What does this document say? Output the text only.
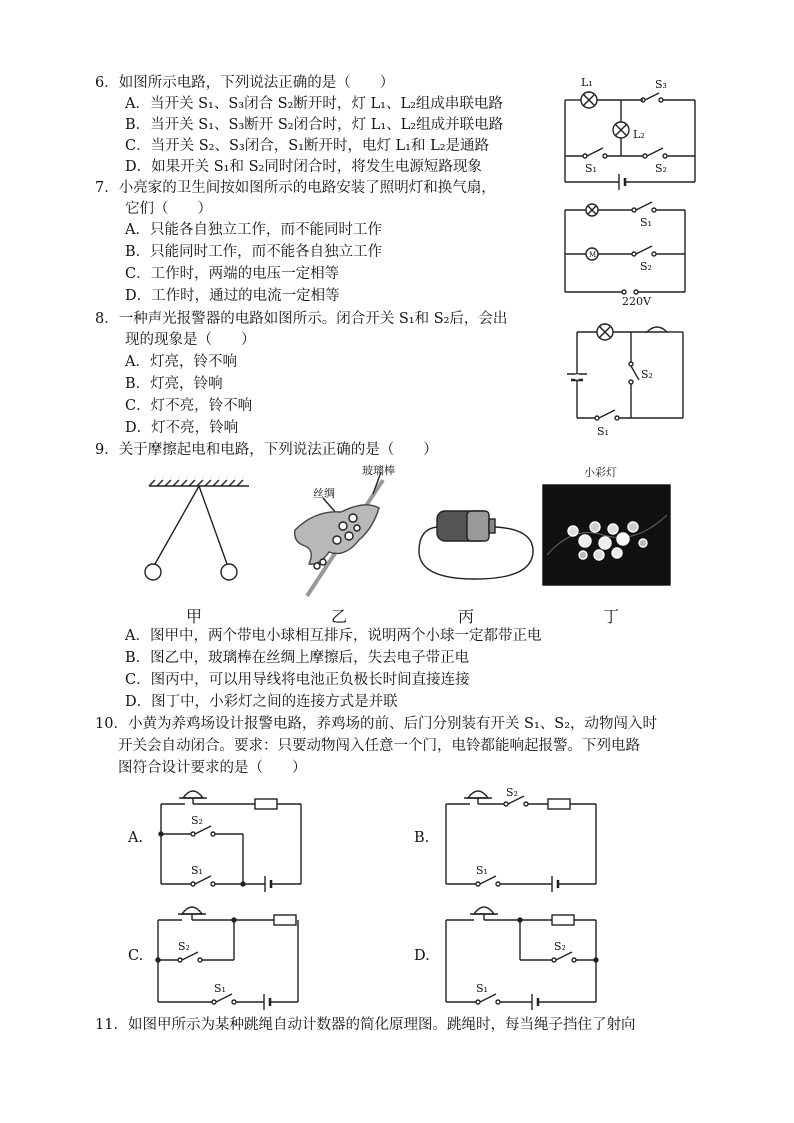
6．如图所示电路，下列说法正确的是（　　）
A．当开关 S₁、S₃闭合 S₂断开时，灯 L₁、L₂组成串联电路
B．当开关 S₁、S₃断开 S₂闭合时，灯 L₁、L₂组成并联电路
C．当开关 S₂、S₃闭合，S₁断开时，电灯 L₁和 L₂是通路
D．如果开关 S₁和 S₂同时闭合时，将发生电源短路现象
L₁	S₃
L₂
S₁	S₂
7．小亮家的卫生间按如图所示的电路安装了照明灯和换气扇，
它们（　　）
A．只能各自独立工作，而不能同时工作
B．只能同时工作，而不能各自独立工作
C．工作时，两端的电压一定相等
D．工作时，通过的电流一定相等
M
S₁
S₂
220V
8．一种声光报警器的电路如图所示。闭合开关 S₁和 S₂后，会出
现的现象是（　　）
A．灯亮，铃不响
B．灯亮，铃响
C．灯不亮，铃不响
D．灯不亮，铃响
S₂
S₁
9．关于摩擦起电和电路，下列说法正确的是（　　）
玻璃棒
丝绸
小彩灯
甲	乙	丙	丁
A．图甲中，两个带电小球相互排斥，说明两个小球一定都带正电
B．图乙中，玻璃棒在丝绸上摩擦后，失去电子带正电
C．图丙中，可以用导线将电池正负极长时间直接连接
D．图丁中，小彩灯之间的连接方式是并联
10．小黄为养鸡场设计报警电路，养鸡场的前、后门分别装有开关 S₁、S₂，动物闯入时
开关会自动闭合。要求：只要动物闯入任意一个门，电铃都能响起报警。下列电路
图符合设计要求的是（　　）
A.
S₂
S₁
B.
S₂
S₁
C.
S₂
S₁
D.
S₂
S₁
11．如图甲所示为某种跳绳自动计数器的简化原理图。跳绳时，每当绳子挡住了射向
